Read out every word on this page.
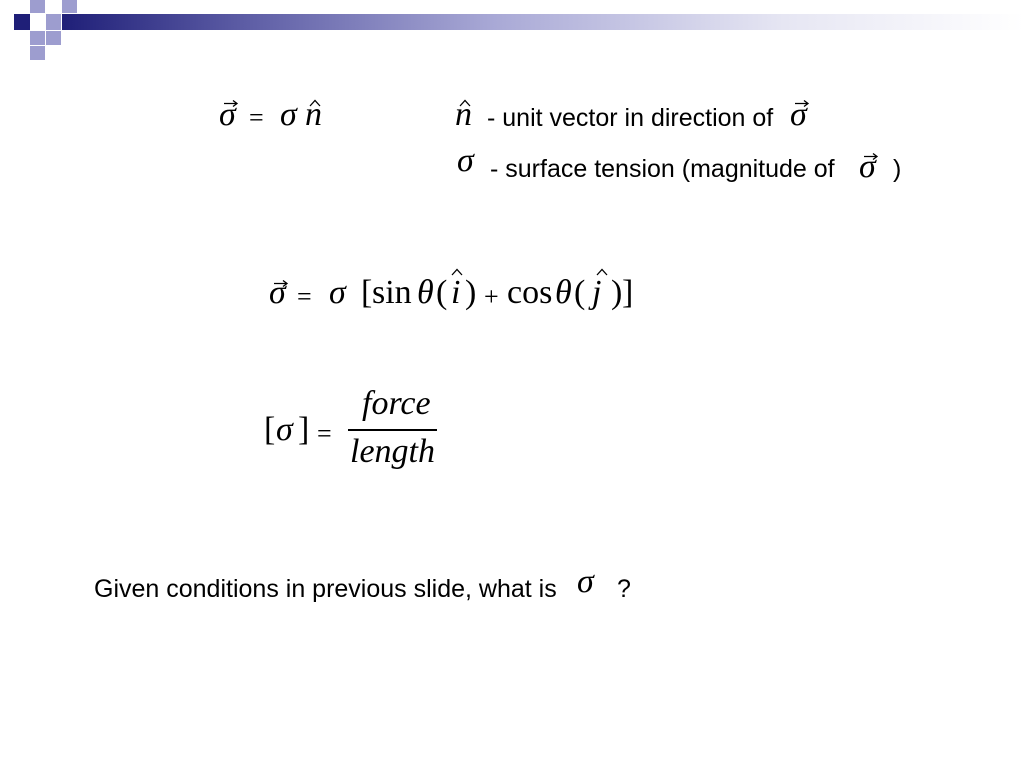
σ = σ n	n - unit vector in direction of σ
σ - surface tension (magnitude of σ )
σ = σ [ sin θ ( i ) + cos θ ( j ) ]
[ σ ] =
force
length
Given conditions in previous slide, what is σ ?
